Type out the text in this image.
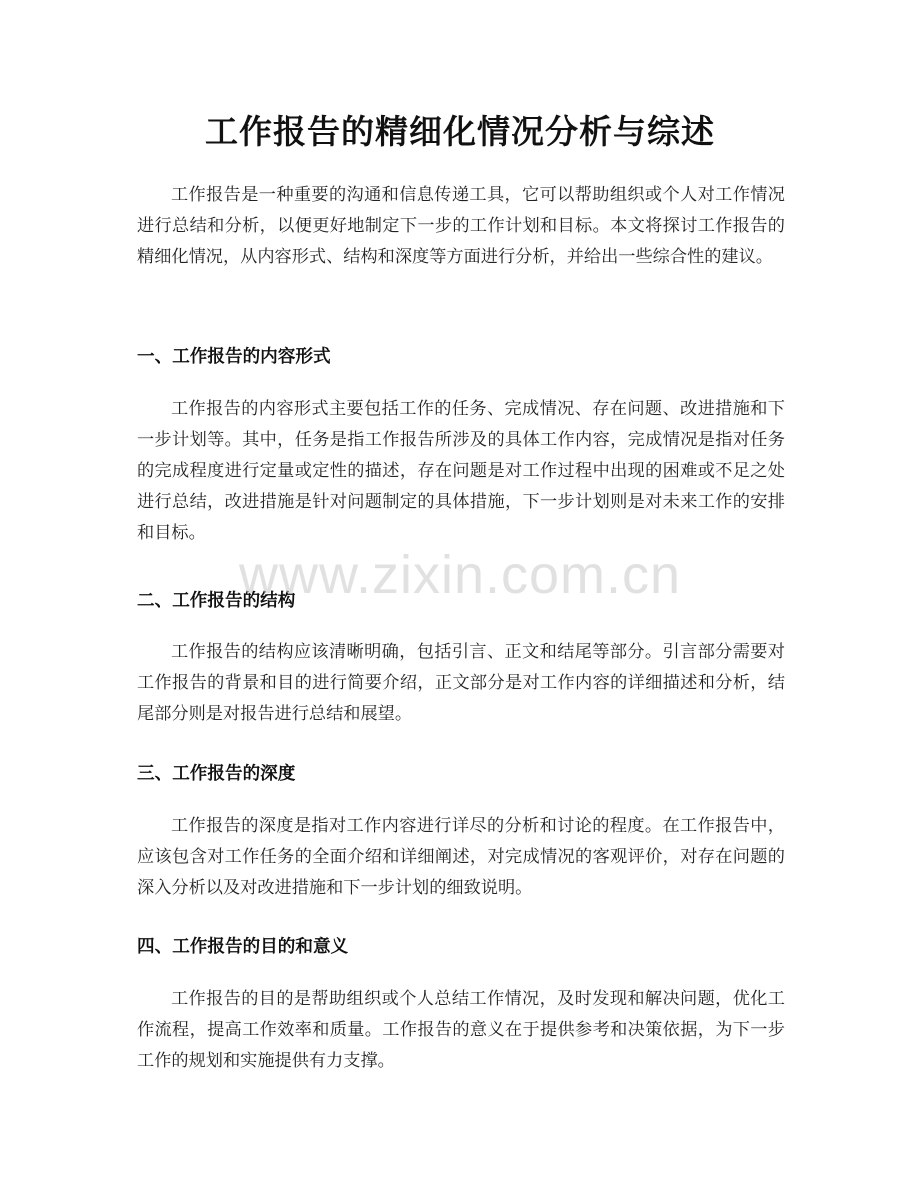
工作报告的精细化情况分析与综述

工作报告是一种重要的沟通和信息传递工具，它可以帮助组织或个人对工作情况进行总结和分析，以便更好地制定下一步的工作计划和目标。本文将探讨工作报告的精细化情况，从内容形式、结构和深度等方面进行分析，并给出一些综合性的建议。

一、工作报告的内容形式

工作报告的内容形式主要包括工作的任务、完成情况、存在问题、改进措施和下一步计划等。其中，任务是指工作报告所涉及的具体工作内容，完成情况是指对任务的完成程度进行定量或定性的描述，存在问题是对工作过程中出现的困难或不足之处进行总结，改进措施是针对问题制定的具体措施，下一步计划则是对未来工作的安排和目标。

二、工作报告的结构

工作报告的结构应该清晰明确，包括引言、正文和结尾等部分。引言部分需要对工作报告的背景和目的进行简要介绍，正文部分是对工作内容的详细描述和分析，结尾部分则是对报告进行总结和展望。

三、工作报告的深度

工作报告的深度是指对工作内容进行详尽的分析和讨论的程度。在工作报告中，应该包含对工作任务的全面介绍和详细阐述，对完成情况的客观评价，对存在问题的深入分析以及对改进措施和下一步计划的细致说明。

四、工作报告的目的和意义

工作报告的目的是帮助组织或个人总结工作情况，及时发现和解决问题，优化工作流程，提高工作效率和质量。工作报告的意义在于提供参考和决策依据，为下一步工作的规划和实施提供有力支撑。

www.zixin.com.cn
